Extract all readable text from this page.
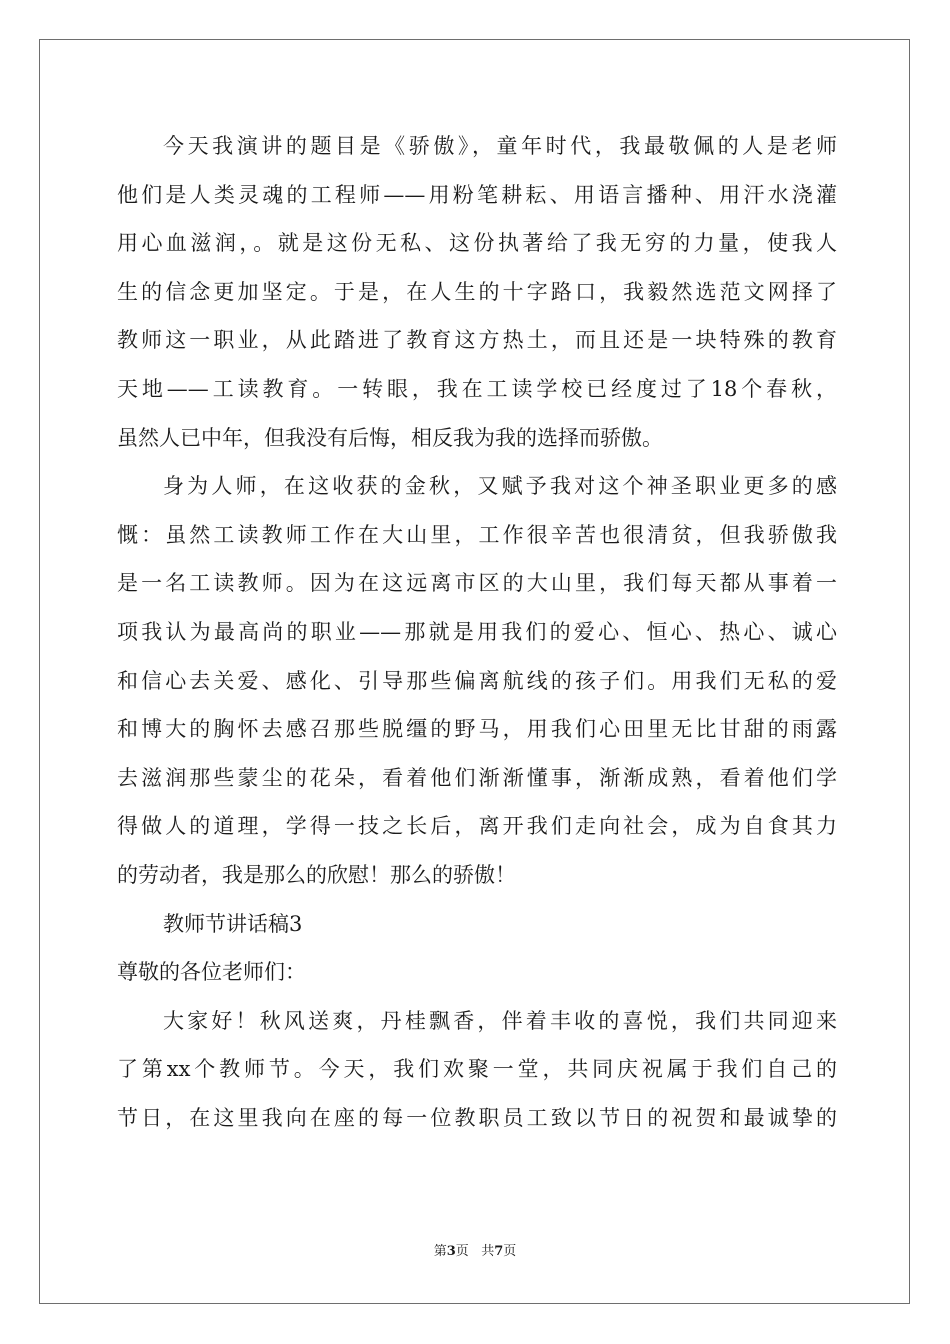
今天我演讲的题目是《骄傲》，童年时代，我最敬佩的人是老师
他们是人类灵魂的工程师——用粉笔耕耘、用语言播种、用汗水浇灌
用心血滋润，。就是这份无私、这份执著给了我无穷的力量，使我人
生的信念更加坚定。于是，在人生的十字路口，我毅然选范文网择了
教师这一职业，从此踏进了教育这方热土，而且还是一块特殊的教育
天地——工读教育。一转眼，我在工读学校已经度过了18个春秋，
虽然人已中年，但我没有后悔，相反我为我的选择而骄傲。
身为人师，在这收获的金秋，又赋予我对这个神圣职业更多的感
慨：虽然工读教师工作在大山里，工作很辛苦也很清贫，但我骄傲我
是一名工读教师。因为在这远离市区的大山里，我们每天都从事着一
项我认为最高尚的职业——那就是用我们的爱心、恒心、热心、诚心
和信心去关爱、感化、引导那些偏离航线的孩子们。用我们无私的爱
和博大的胸怀去感召那些脱缰的野马，用我们心田里无比甘甜的雨露
去滋润那些蒙尘的花朵，看着他们渐渐懂事，渐渐成熟，看着他们学
得做人的道理，学得一技之长后，离开我们走向社会，成为自食其力
的劳动者，我是那么的欣慰！那么的骄傲！
教师节讲话稿3
尊敬的各位老师们：
大家好！秋风送爽，丹桂飘香，伴着丰收的喜悦，我们共同迎来
了第xx个教师节。今天，我们欢聚一堂，共同庆祝属于我们自己的
节日，在这里我向在座的每一位教职员工致以节日的祝贺和最诚挚的
第3页 共7页
